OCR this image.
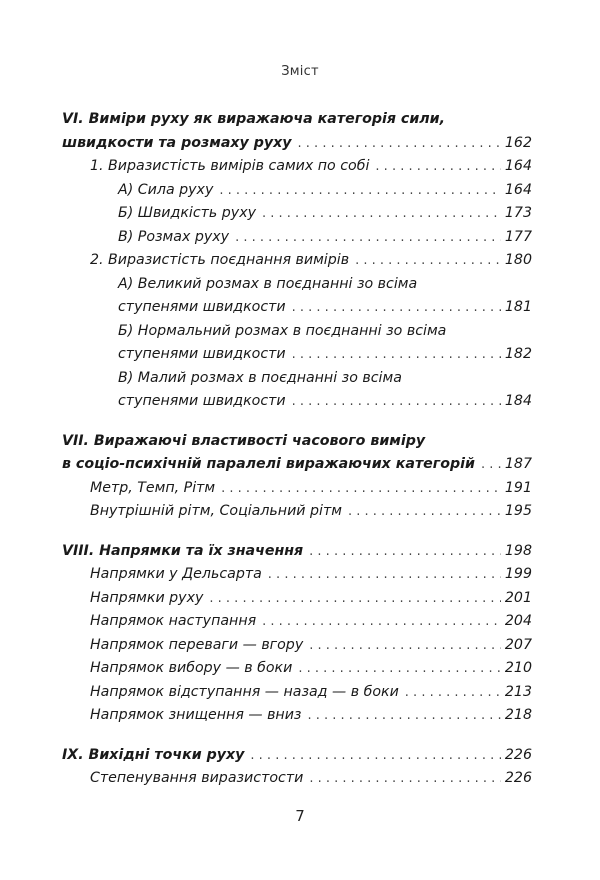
Зміст
VI. Виміри руху як виражаюча категорія сили,
швидкости та розмаху руху . . .	162
1. Виразистість вимірів самих по собі . . .	164
А) Сила руху . . .	164
Б) Швидкість руху . . .	173
В) Розмах руху . . .	177
2. Виразистість поєднання вимірів . . .	180
А) Великий розмах в поєднанні зо всіма
ступенями швидкости . . .	181
Б) Нормальний розмах в поєднанні зо всіма
ступенями швидкости . . .	182
В) Малий розмах в поєднанні зо всіма
ступенями швидкости . . .	184
VII. Виражаючі властивості часового виміру
в соціо-психічній паралелі виражаючих категорій . . . 187
Метр, Темп, Рітм . . .	191
Внутрішній рітм, Соціальний рітм . . .	195
VIII. Напрямки та їх значення . . .	198
Напрямки у Дельсарта . . .	199
Напрямки руху . . .	201
Напрямок наступання . . .	204
Напрямок переваги — вгору . . .	207
Напрямок вибору — в боки . . .	210
Напрямок відступання — назад — в боки . . .	213
Напрямок знищення — вниз . . .	218
IX. Вихідні точки руху . . .	226
Степенування виразистости . . .	226
7
